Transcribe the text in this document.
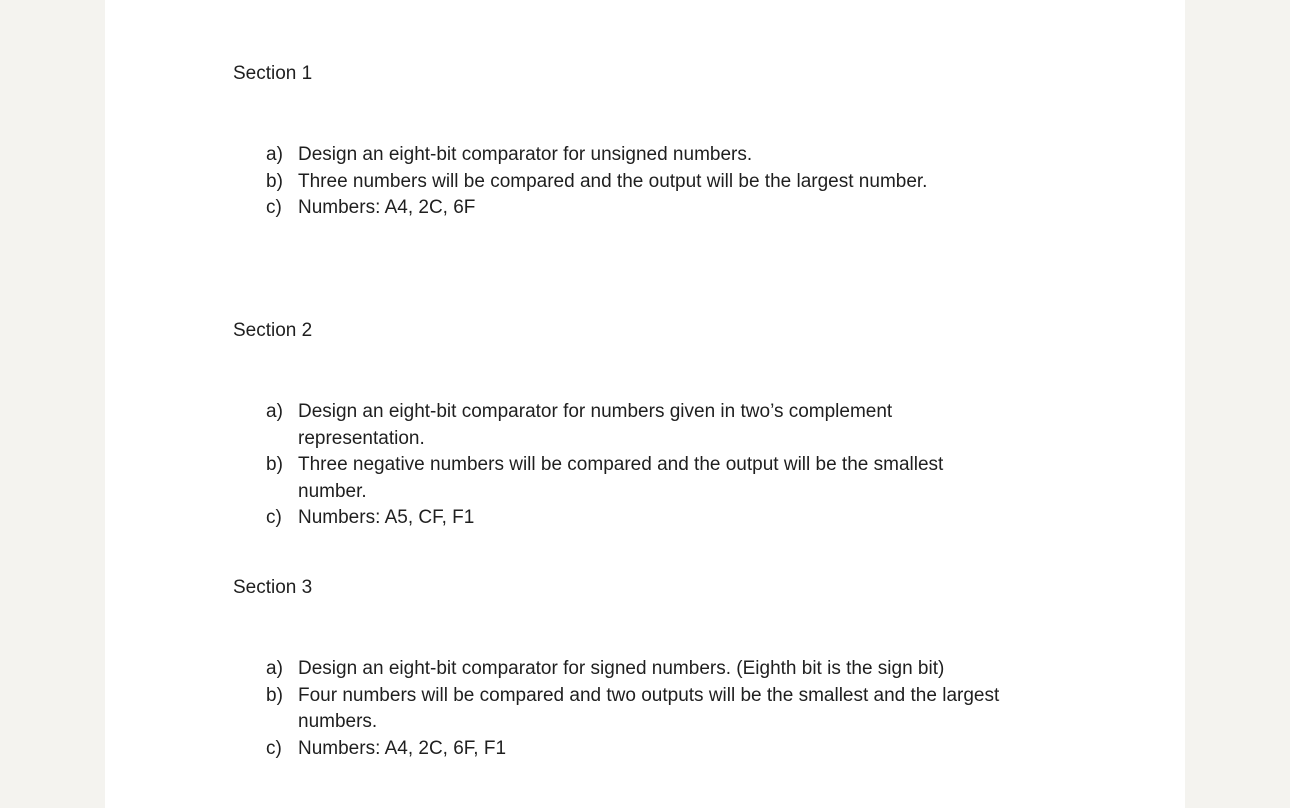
Section 1
a) Design an eight-bit comparator for unsigned numbers.
b) Three numbers will be compared and the output will be the largest number.
c) Numbers: A4, 2C, 6F
Section 2
a) Design an eight-bit comparator for numbers given in two’s complement representation.
b) Three negative numbers will be compared and the output will be the smallest number.
c) Numbers: A5, CF, F1
Section 3
a) Design an eight-bit comparator for signed numbers. (Eighth bit is the sign bit)
b) Four numbers will be compared and two outputs will be the smallest and the largest numbers.
c) Numbers: A4, 2C, 6F, F1
